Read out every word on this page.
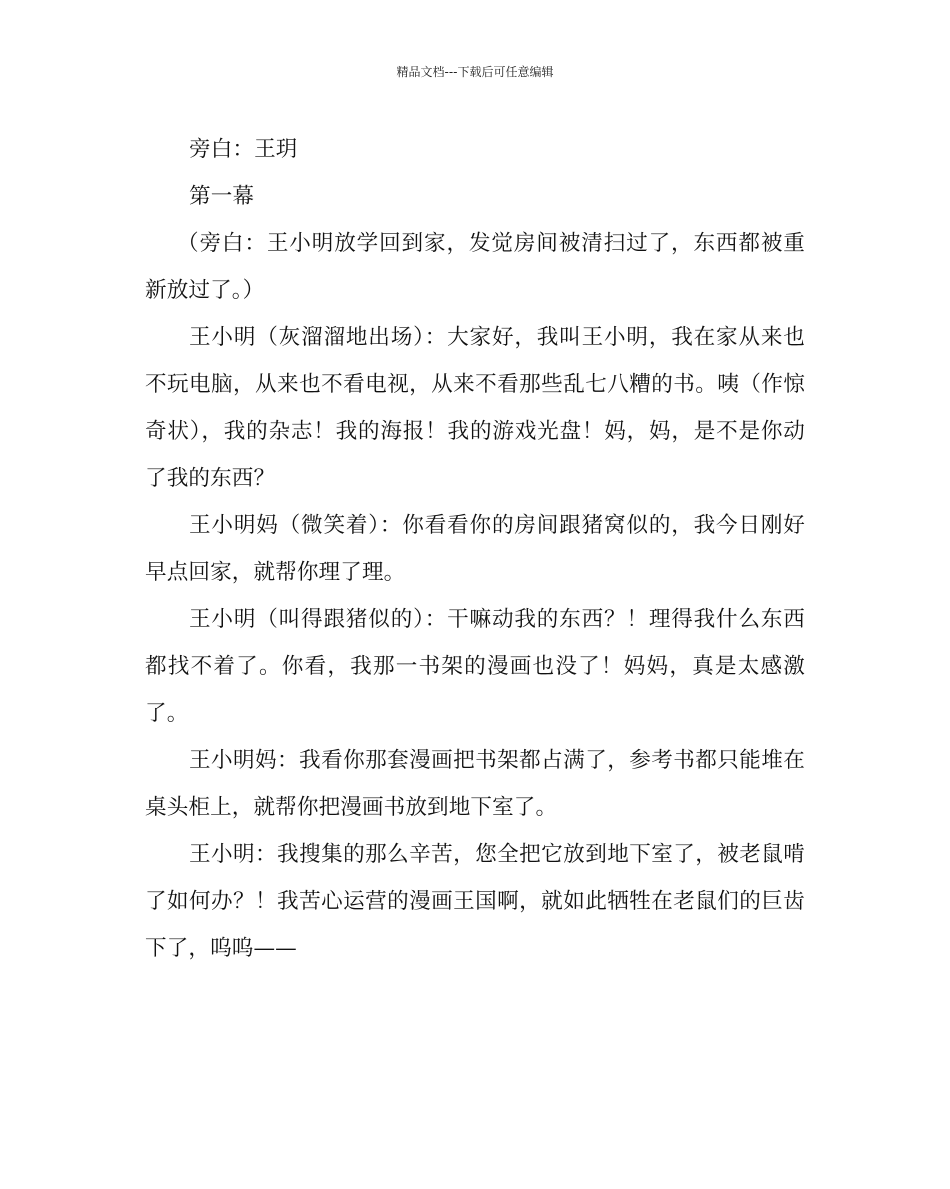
精品文档---下载后可任意编辑

旁白：王玥

第一幕

（旁白：王小明放学回到家，发觉房间被清扫过了，东西都被重新放过了。）

王小明（灰溜溜地出场）：大家好，我叫王小明，我在家从来也不玩电脑，从来也不看电视，从来不看那些乱七八糟的书。咦（作惊奇状），我的杂志！我的海报！我的游戏光盘！妈，妈，是不是你动了我的东西？

王小明妈（微笑着）：你看看你的房间跟猪窝似的，我今日刚好早点回家，就帮你理了理。

王小明（叫得跟猪似的）：干嘛动我的东西？！理得我什么东西都找不着了。你看，我那一书架的漫画也没了！妈妈，真是太感激了。

王小明妈：我看你那套漫画把书架都占满了，参考书都只能堆在桌头柜上，就帮你把漫画书放到地下室了。

王小明：我搜集的那么辛苦，您全把它放到地下室了，被老鼠啃了如何办？！我苦心运营的漫画王国啊，就如此牺牲在老鼠们的巨齿下了，呜呜——
